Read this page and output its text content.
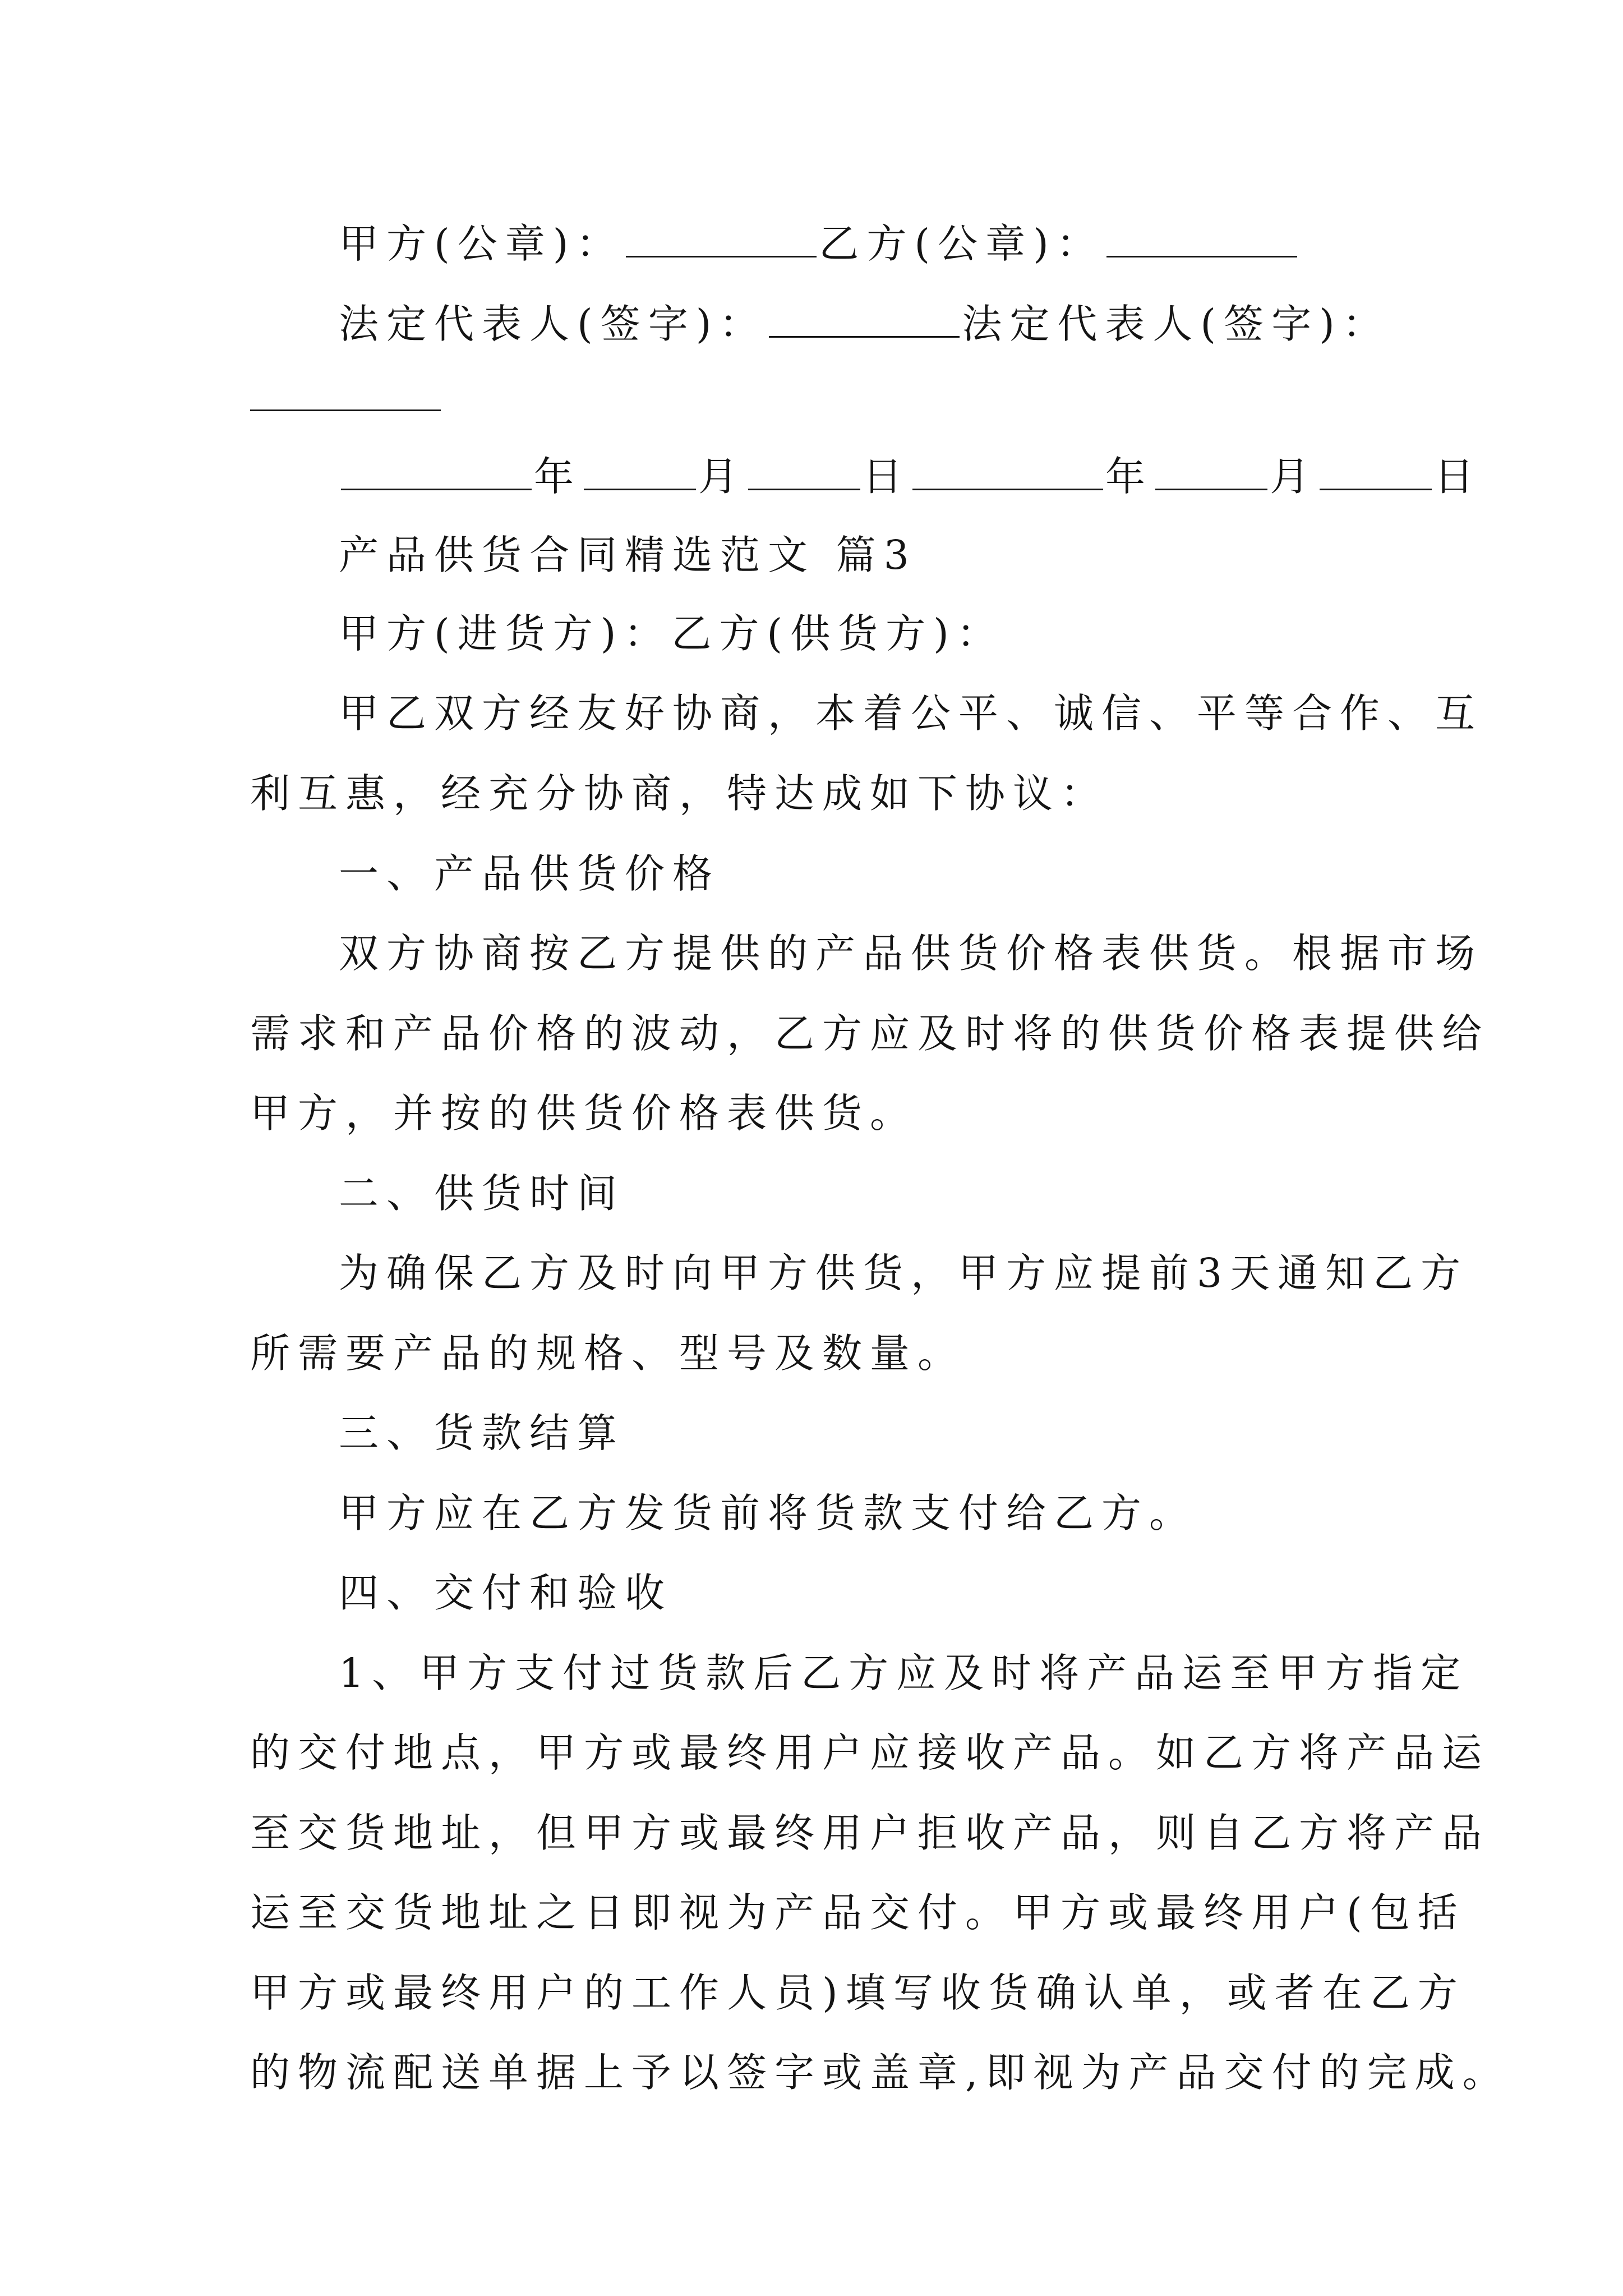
甲方(公章)：	乙方(公章)：
法定代表人(签字)：	法定代表人(签字)：
年	月	日	年	月	日
产品供货合同精选范文 篇3
甲方(进货方)：乙方(供货方)：
甲乙双方经友好协商，本着公平、诚信、平等合作、互
利互惠，经充分协商，特达成如下协议：
一、产品供货价格
双方协商按乙方提供的产品供货价格表供货。根据市场
需求和产品价格的波动，乙方应及时将的供货价格表提供给
甲方，并按的供货价格表供货。
二、供货时间
为确保乙方及时向甲方供货，甲方应提前3天通知乙方
所需要产品的规格、型号及数量。
三、货款结算
甲方应在乙方发货前将货款支付给乙方。
四、交付和验收
1、甲方支付过货款后乙方应及时将产品运至甲方指定
的交付地点，甲方或最终用户应接收产品。如乙方将产品运
至交货地址，但甲方或最终用户拒收产品，则自乙方将产品
运至交货地址之日即视为产品交付。甲方或最终用户(包括
甲方或最终用户的工作人员)填写收货确认单，或者在乙方
的物流配送单据上予以签字或盖章,即视为产品交付的完成。
